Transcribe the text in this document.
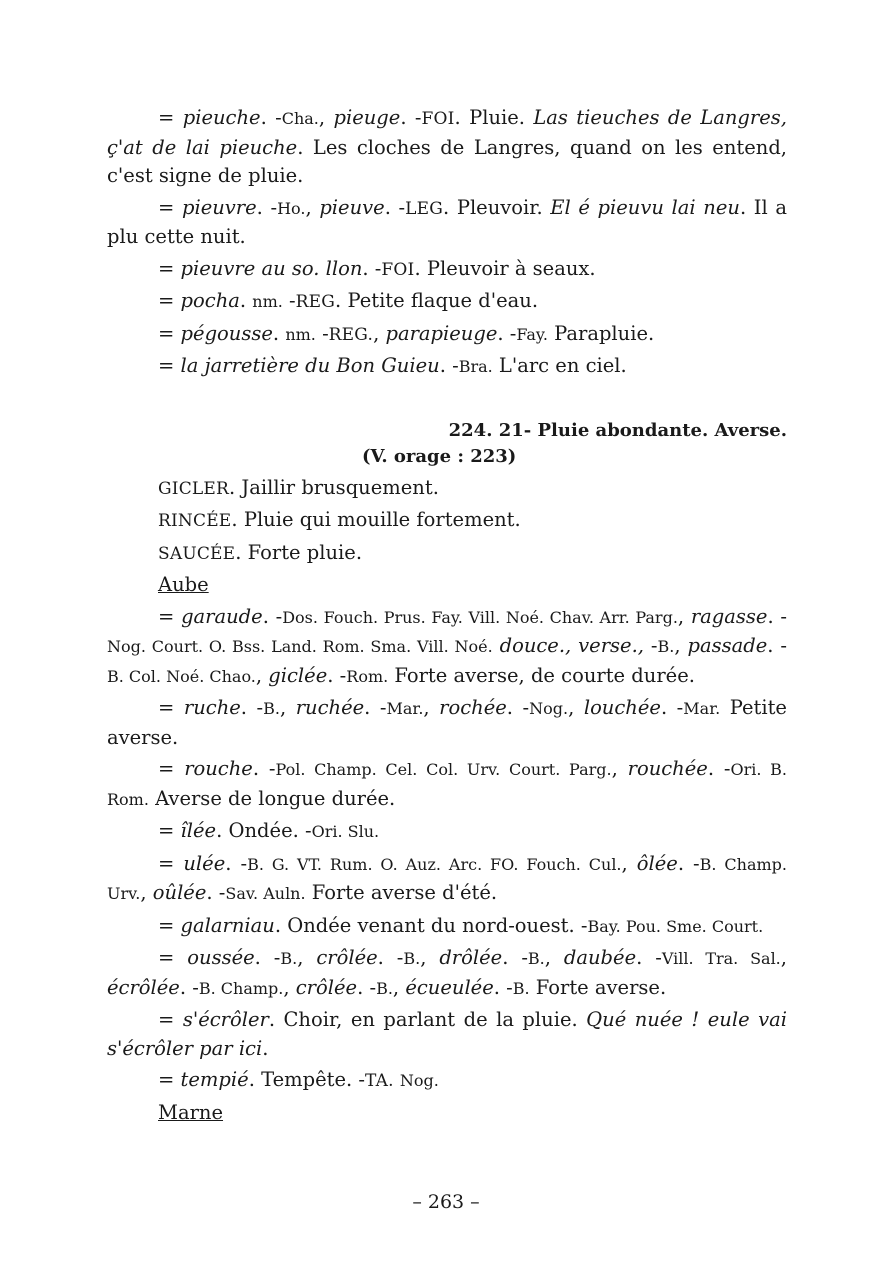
= pieuche. -Cha., pieuge. -FOI. Pluie. Las tieuches de Langres, ç'at de lai pieuche. Les cloches de Langres, quand on les entend, c'est signe de pluie.

= pieuvre. -Ho., pieuve. -LEG. Pleuvoir. El é pieuvu lai neu. Il a plu cette nuit.

= pieuvre au so. llon. -FOI. Pleuvoir à seaux.

= pocha. nm. -REG. Petite flaque d'eau.

= pégousse. nm. -REG., parapieuge. -Fay. Parapluie.

= la jarretière du Bon Guieu. -Bra. L'arc en ciel.

224. 21- Pluie abondante. Averse.

(V. orage : 223)

GICLER. Jaillir brusquement.

RINCÉE. Pluie qui mouille fortement.

SAUCÉE. Forte pluie.

Aube

= garaude. -Dos. Fouch. Prus. Fay. Vill. Noé. Chav. Arr. Parg., ragasse. -Nog. Court. O. Bss. Land. Rom. Sma. Vill. Noé. douce., verse., -B., passade. -B. Col. Noé. Chao., giclée. -Rom. Forte averse, de courte durée.

= ruche. -B., ruchée. -Mar., rochée. -Nog., louchée. -Mar. Petite averse.

= rouche. -Pol. Champ. Cel. Col. Urv. Court. Parg., rouchée. -Ori. B. Rom. Averse de longue durée.

= îlée. Ondée. -Ori. Slu.

= ulée. -B. G. VT. Rum. O. Auz. Arc. FO. Fouch. Cul., ôlée. -B. Champ. Urv., oûlée. -Sav. Auln. Forte averse d'été.

= galarniau. Ondée venant du nord-ouest. -Bay. Pou. Sme. Court.

= oussée. -B., crôlée. -B., drôlée. -B., daubée. -Vill. Tra. Sal., écrôlée. -B. Champ., crôlée. -B., écueulée. -B. Forte averse.

= s'écrôler. Choir, en parlant de la pluie. Qué nuée ! eule vai s'écrôler par ici.

= tempié. Tempête. -TA. Nog.

Marne

– 263 –
